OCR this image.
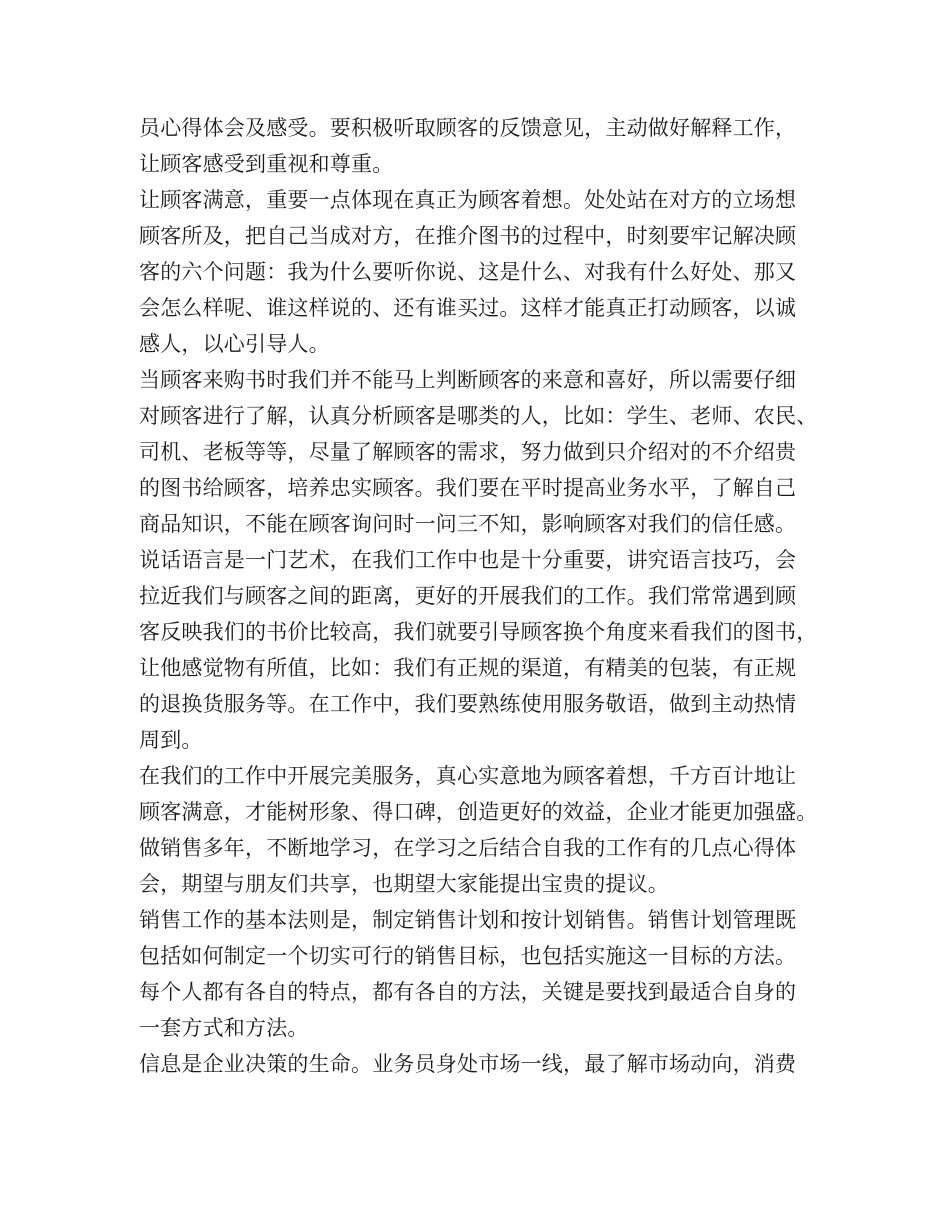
员心得体会及感受。要积极听取顾客的反馈意见，主动做好解释工作，
让顾客感受到重视和尊重。
让顾客满意，重要一点体现在真正为顾客着想。处处站在对方的立场想
顾客所及，把自己当成对方，在推介图书的过程中，时刻要牢记解决顾
客的六个问题：我为什么要听你说、这是什么、对我有什么好处、那又
会怎么样呢、谁这样说的、还有谁买过。这样才能真正打动顾客，以诚
感人，以心引导人。
当顾客来购书时我们并不能马上判断顾客的来意和喜好，所以需要仔细
对顾客进行了解，认真分析顾客是哪类的人，比如：学生、老师、农民、
司机、老板等等，尽量了解顾客的需求，努力做到只介绍对的不介绍贵
的图书给顾客，培养忠实顾客。我们要在平时提高业务水平，了解自己
商品知识，不能在顾客询问时一问三不知，影响顾客对我们的信任感。
说话语言是一门艺术，在我们工作中也是十分重要，讲究语言技巧，会
拉近我们与顾客之间的距离，更好的开展我们的工作。我们常常遇到顾
客反映我们的书价比较高，我们就要引导顾客换个角度来看我们的图书，
让他感觉物有所值，比如：我们有正规的渠道，有精美的包装，有正规
的退换货服务等。在工作中，我们要熟练使用服务敬语，做到主动热情
周到。
在我们的工作中开展完美服务，真心实意地为顾客着想，千方百计地让
顾客满意，才能树形象、得口碑，创造更好的效益，企业才能更加强盛。
做销售多年，不断地学习，在学习之后结合自我的工作有的几点心得体
会，期望与朋友们共享，也期望大家能提出宝贵的提议。
销售工作的基本法则是，制定销售计划和按计划销售。销售计划管理既
包括如何制定一个切实可行的销售目标，也包括实施这一目标的方法。
每个人都有各自的特点，都有各自的方法，关键是要找到最适合自身的
一套方式和方法。
信息是企业决策的生命。业务员身处市场一线，最了解市场动向，消费
